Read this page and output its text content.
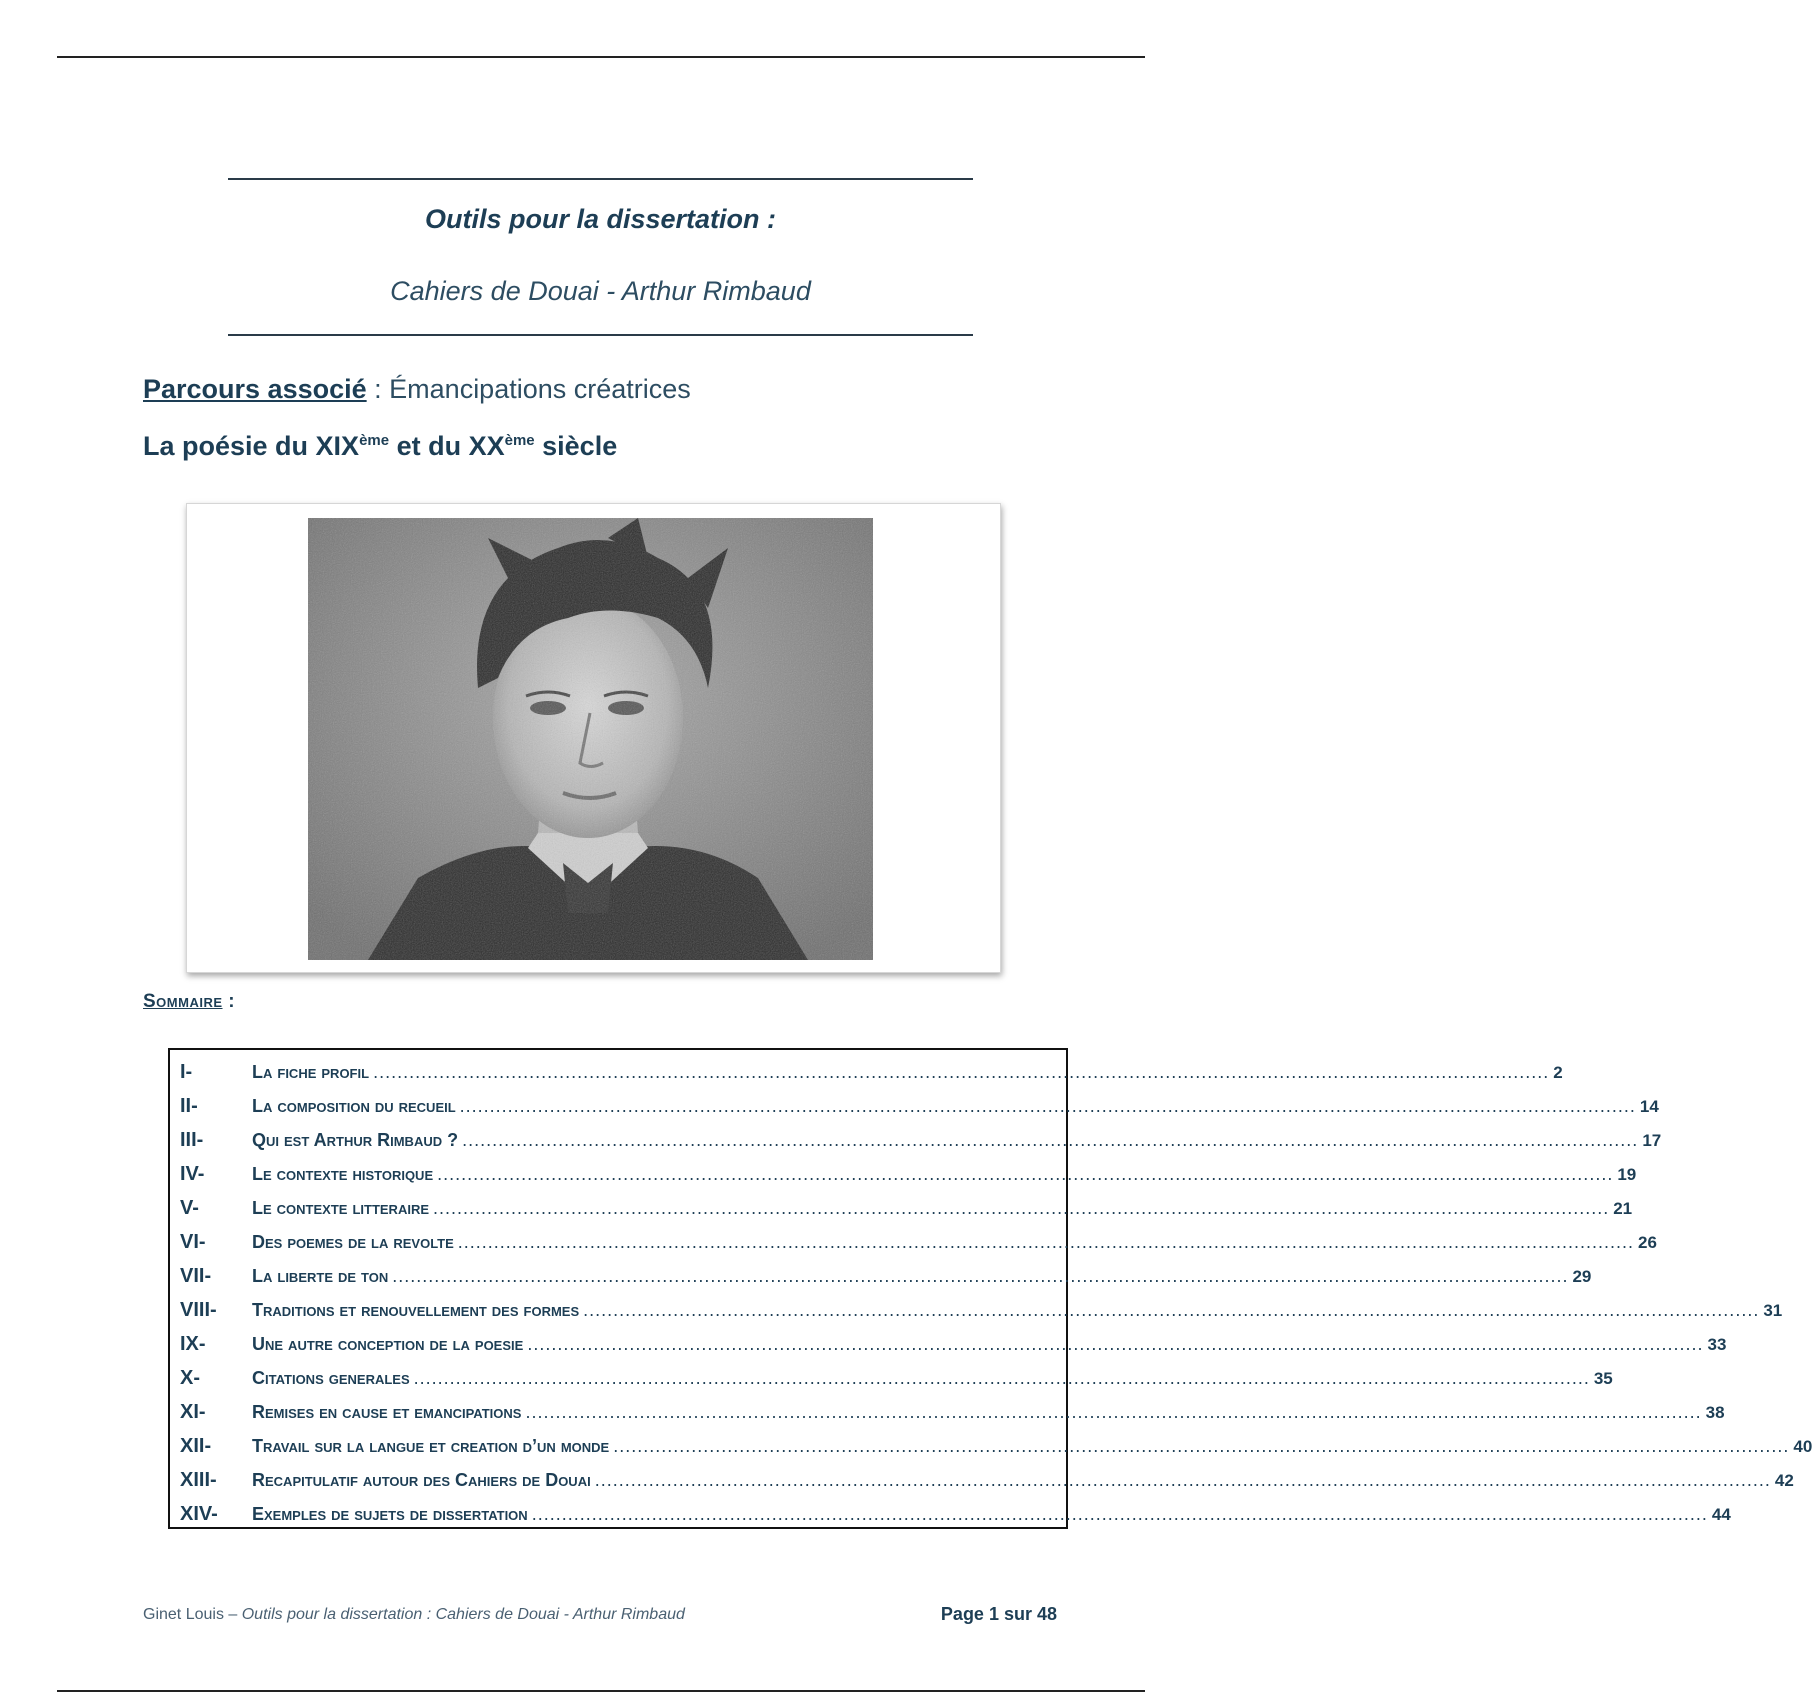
Outils pour la dissertation :
Cahiers de Douai - Arthur Rimbaud
Parcours associé : Émancipations créatrices
La poésie du XIXème et du XXème siècle
Sommaire :
I-	La fiche profil .................................................................................................................................................................................................... 2
II-	La composition du recueil .................................................................................................................................................................................................... 14
III-	Qui est Arthur Rimbaud ? .................................................................................................................................................................................................... 17
IV-	Le contexte historique .................................................................................................................................................................................................... 19
V-	Le contexte litteraire .................................................................................................................................................................................................... 21
VI-	Des poemes de la revolte .................................................................................................................................................................................................... 26
VII-	La liberte de ton .................................................................................................................................................................................................... 29
VIII-	Traditions et renouvellement des formes .................................................................................................................................................................................................... 31
IX-	Une autre conception de la poesie .................................................................................................................................................................................................... 33
X-	Citations generales .................................................................................................................................................................................................... 35
XI-	Remises en cause et emancipations .................................................................................................................................................................................................... 38
XII-	Travail sur la langue et creation d’un monde .................................................................................................................................................................................................... 40
XIII-	Recapitulatif autour des Cahiers de Douai .................................................................................................................................................................................................... 42
XIV-	Exemples de sujets de dissertation .................................................................................................................................................................................................... 44
Ginet Louis – Outils pour la dissertation : Cahiers de Douai - Arthur Rimbaud	Page 1 sur 48
